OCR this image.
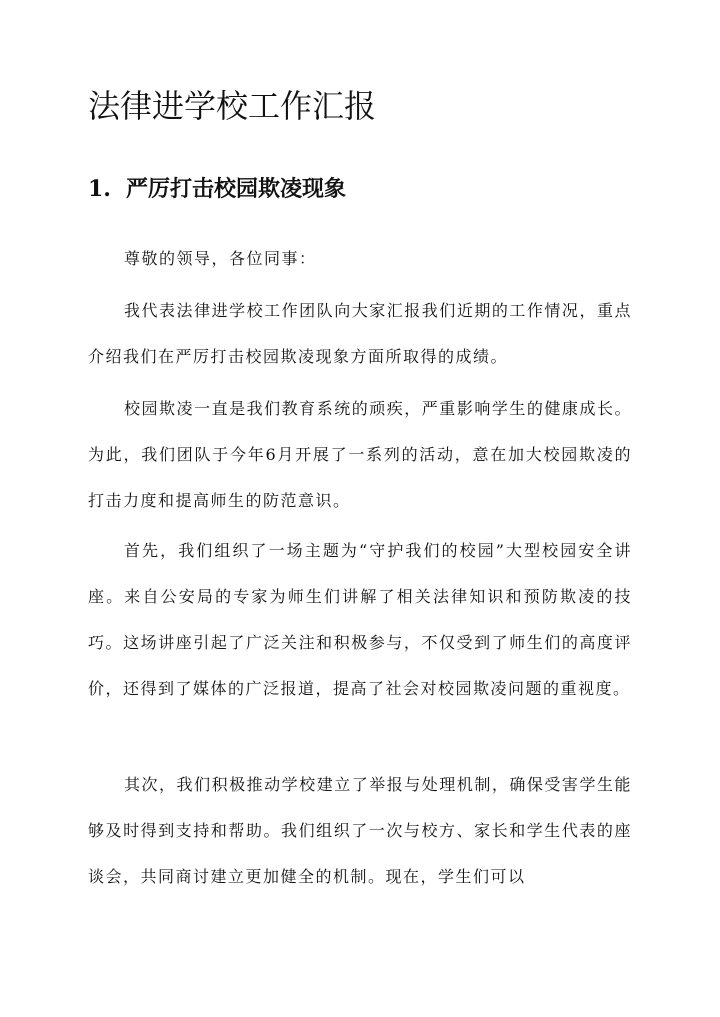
法律进学校工作汇报
1. 严厉打击校园欺凌现象

尊敬的领导，各位同事：

我代表法律进学校工作团队向大家汇报我们近期的工作情况，重点介绍我们在严厉打击校园欺凌现象方面所取得的成绩。

校园欺凌一直是我们教育系统的顽疾，严重影响学生的健康成长。为此，我们团队于今年6月开展了一系列的活动，意在加大校园欺凌的打击力度和提高师生的防范意识。

首先，我们组织了一场主题为“守护我们的校园”大型校园安全讲座。来自公安局的专家为师生们讲解了相关法律知识和预防欺凌的技巧。这场讲座引起了广泛关注和积极参与，不仅受到了师生们的高度评价，还得到了媒体的广泛报道，提高了社会对校园欺凌问题的重视度。

其次，我们积极推动学校建立了举报与处理机制，确保受害学生能够及时得到支持和帮助。我们组织了一次与校方、家长和学生代表的座谈会，共同商讨建立更加健全的机制。现在，学生们可以
